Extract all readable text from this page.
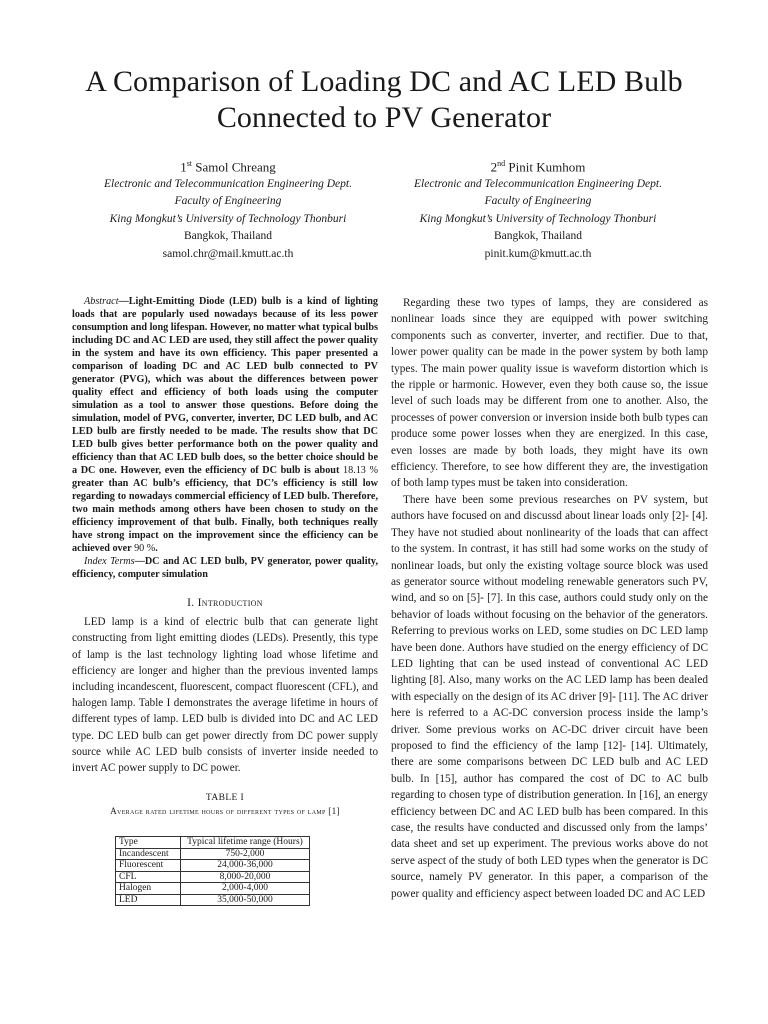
A Comparison of Loading DC and AC LED Bulb
Connected to PV Generator
1st Samol Chreang
Electronic and Telecommunication Engineering Dept.
Faculty of Engineering
King Mongkut’s University of Technology Thonburi
Bangkok, Thailand
samol.chr@mail.kmutt.ac.th
2nd Pinit Kumhom
Electronic and Telecommunication Engineering Dept.
Faculty of Engineering
King Mongkut’s University of Technology Thonburi
Bangkok, Thailand
pinit.kum@kmutt.ac.th

Abstract—Light-Emitting Diode (LED) bulb is a kind of lighting loads that are popularly used nowadays because of its less power consumption and long lifespan. However, no matter what typical bulbs including DC and AC LED are used, they still affect the power quality in the system and have its own efficiency. This paper presented a comparison of loading DC and AC LED bulb connected to PV generator (PVG), which was about the differences between power quality effect and efficiency of both loads using the computer simulation as a tool to answer those questions. Before doing the simulation, model of PVG, converter, inverter, DC LED bulb, and AC LED bulb are firstly needed to be made. The results show that DC LED bulb gives better performance both on the power quality and efficiency than that AC LED bulb does, so the better choice should be a DC one. However, even the efficiency of DC bulb is about 18.13 % greater than AC bulb’s efficiency, that DC’s efficiency is still low regarding to nowadays commercial efficiency of LED bulb. Therefore, two main methods among others have been chosen to study on the efficiency improvement of that bulb. Finally, both techniques really have strong impact on the improvement since the efficiency can be achieved over 90 %.

Index Terms—DC and AC LED bulb, PV generator, power quality, efficiency, computer simulation

I. Introduction

LED lamp is a kind of electric bulb that can generate light constructing from light emitting diodes (LEDs). Presently, this type of lamp is the last technology lighting load whose lifetime and efficiency are longer and higher than the previous invented lamps including incandescent, fluorescent, compact fluorescent (CFL), and halogen lamp. Table I demonstrates the average lifetime in hours of different types of lamp. LED bulb is divided into DC and AC LED type. DC LED bulb can get power directly from DC power supply source while AC LED bulb consists of inverter inside needed to invert AC power supply to DC power.

TABLE I
Average rated lifetime hours of different types of lamp [1]
Type	Typical lifetime range (Hours)
Incandescent	750-2,000
Fluorescent	24,000-36,000
CFL	8,000-20,000
Halogen	2,000-4,000
LED	35,000-50,000

Regarding these two types of lamps, they are considered as nonlinear loads since they are equipped with power switching components such as converter, inverter, and rectifier. Due to that, lower power quality can be made in the power system by both lamp types. The main power quality issue is waveform distortion which is the ripple or harmonic. However, even they both cause so, the issue level of such loads may be different from one to another. Also, the processes of power conversion or inversion inside both bulb types can produce some power losses when they are energized. In this case, even losses are made by both loads, they might have its own efficiency. Therefore, to see how different they are, the investigation of both lamp types must be taken into consideration.

There have been some previous researches on PV system, but authors have focused on and discussd about linear loads only [2]- [4]. They have not studied about nonlinearity of the loads that can affect to the system. In contrast, it has still had some works on the study of nonlinear loads, but only the existing voltage source block was used as generator source without modeling renewable generators such PV, wind, and so on [5]- [7]. In this case, authors could study only on the behavior of loads without focusing on the behavior of the generators. Referring to previous works on LED, some studies on DC LED lamp have been done. Authors have studied on the energy efficiency of DC LED lighting that can be used instead of conventional AC LED lighting [8]. Also, many works on the AC LED lamp has been dealed with especially on the design of its AC driver [9]- [11]. The AC driver here is referred to a AC-DC conversion process inside the lamp’s driver. Some previous works on AC-DC driver circuit have been proposed to find the efficiency of the lamp [12]- [14]. Ultimately, there are some comparisons between DC LED bulb and AC LED bulb. In [15], author has compared the cost of DC to AC bulb regarding to chosen type of distribution generation. In [16], an energy efficiency between DC and AC LED bulb has been compared. In this case, the results have conducted and discussed only from the lamps’ data sheet and set up experiment. The previous works above do not serve aspect of the study of both LED types when the generator is DC source, namely PV generator. In this paper, a comparison of the power quality and efficiency aspect between loaded DC and AC LED
